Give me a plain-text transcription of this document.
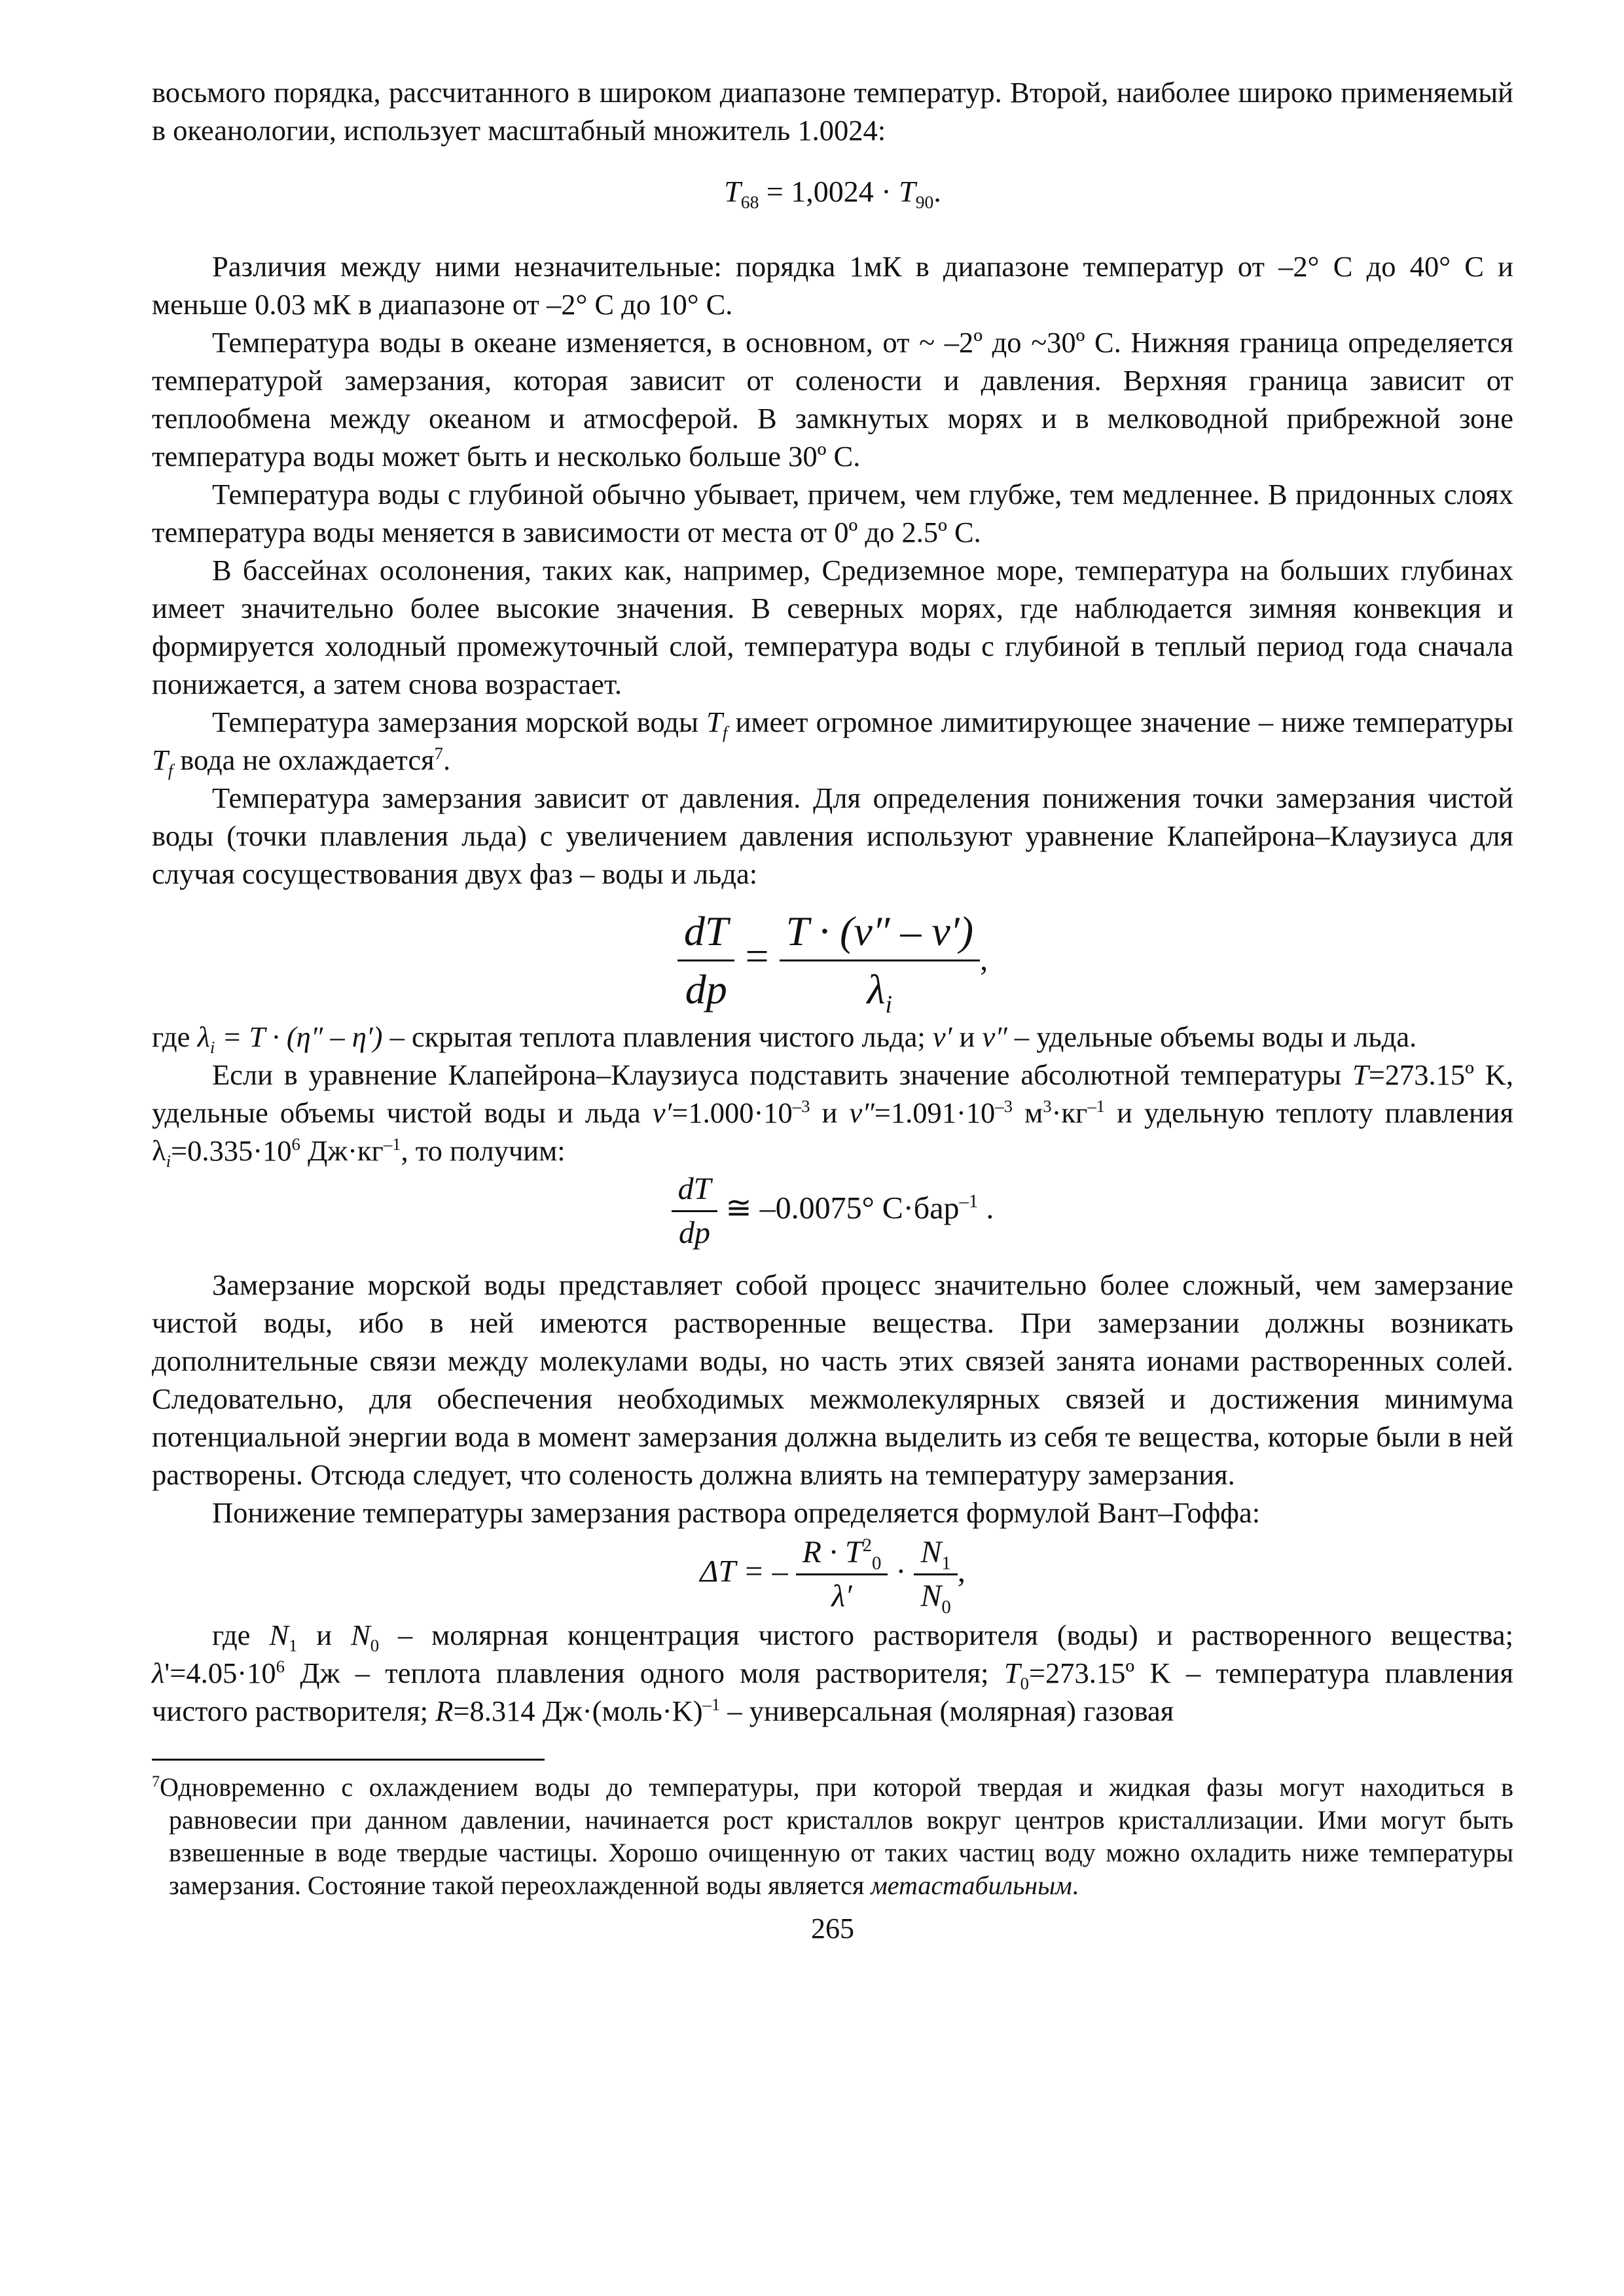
восьмого порядка, рассчитанного в широком диапазоне температур. Второй, наиболее широко применяемый в океанологии, использует масштабный множитель 1.0024:

$T_{68} = 1,0024 \cdot T_{90}$.

Различия между ними незначительные: порядка 1мК в диапазоне температур от –2° С до 40° С и меньше 0.03 мК в диапазоне от –2° С до 10° С.

Температура воды в океане изменяется, в основном, от ~ –2º до ~30º С. Нижняя граница определяется температурой замерзания, которая зависит от солености и давления. Верхняя граница зависит от теплообмена между океаном и атмосферой. В замкнутых морях и в мелководной прибрежной зоне температура воды может быть и несколько больше 30º С.

Температура воды с глубиной обычно убывает, причем, чем глубже, тем медленнее. В придонных слоях температура воды меняется в зависимости от места от 0º до 2.5º С.

В бассейнах осолонения, таких как, например, Средиземное море, температура на больших глубинах имеет значительно более высокие значения. В северных морях, где наблюдается зимняя конвекция и формируется холодный промежуточный слой, температура воды с глубиной в теплый период года сначала понижается, а затем снова возрастает.

Температура замерзания морской воды $T_f$ имеет огромное лимитирующее значение – ниже температуры $T_f$ вода не охлаждается$^7$.

Температура замерзания зависит от давления. Для определения понижения точки замерзания чистой воды (точки плавления льда) с увеличением давления используют уравнение Клапейрона–Клаузиуса для случая сосуществования двух фаз – воды и льда:

$\frac{dT}{dp} = \frac{T \cdot (v'' - v')}{\lambda_i}$ ,

где $\lambda_i = T \cdot (\eta'' - \eta')$ – скрытая теплота плавления чистого льда; v′ и v″ – удельные объемы воды и льда.

Если в уравнение Клапейрона–Клаузиуса подставить значение абсолютной температуры T=273.15º K, удельные объемы чистой воды и льда $v'=1.000\cdot 10^{-3}$ и $v''=1.091\cdot 10^{-3}$ $м^3\cdot кг^{-1}$ и удельную теплоту плавления $\lambda_i=0.335\cdot 10^6$ $Дж\cdot кг^{-1}$, то получим:

$\frac{dT}{dp}$ ≅ –0.0075° С·бар$^{-1}$ .

Замерзание морской воды представляет собой процесс значительно более сложный, чем замерзание чистой воды, ибо в ней имеются растворенные вещества. При замерзании должны возникать дополнительные связи между молекулами воды, но часть этих связей занята ионами растворенных солей. Следовательно, для обеспечения необходимых межмолекулярных связей и достижения минимума потенциальной энергии вода в момент замерзания должна выделить из себя те вещества, которые были в ней растворены. Отсюда следует, что соленость должна влиять на температуру замерзания.

Понижение температуры замерзания раствора определяется формулой Вант–Гоффа:

ΔT = – $\frac{R \cdot T^2_0}{\lambda'} \cdot \frac{N_1}{N_0}$ ,

где $N_1$ и $N_0$ – молярная концентрация чистого растворителя (воды) и растворенного вещества; $\lambda'=4.05\cdot 10^6$ Дж – теплота плавления одного моля растворителя; $T_0=273.15º$ K – температура плавления чистого растворителя; R=8.314 Дж·(моль·K)$^{-1}$ – универсальная (молярная) газовая

$^7$Одновременно с охлаждением воды до температуры, при которой твердая и жидкая фазы могут находиться в равновесии при данном давлении, начинается рост кристаллов вокруг центров кристаллизации. Ими могут быть взвешенные в воде твердые частицы. Хорошо очищенную от таких частиц воду можно охладить ниже температуры замерзания. Состояние такой переохлажденной воды является метастабильным.

265
